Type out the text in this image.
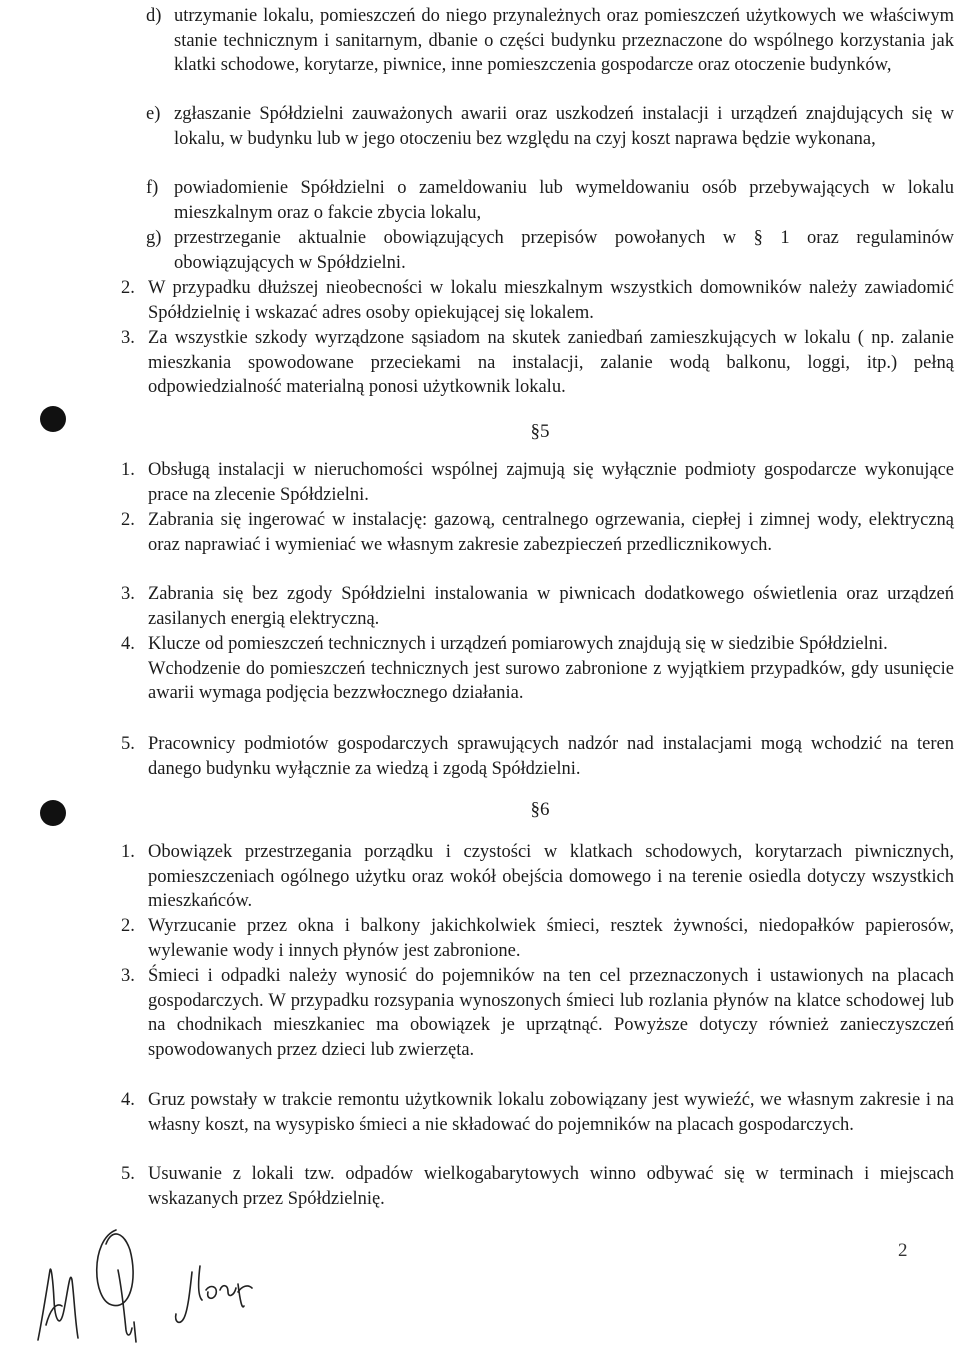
d) utrzymanie lokalu, pomieszczeń do niego przynależnych oraz pomieszczeń użytkowych we właściwym stanie technicznym i sanitarnym, dbanie o części budynku przeznaczone do wspólnego korzystania jak klatki schodowe, korytarze, piwnice, inne pomieszczenia gospodarcze oraz otoczenie budynków,
e) zgłaszanie Spółdzielni zauważonych awarii oraz uszkodzeń instalacji i urządzeń znajdujących się w lokalu, w budynku lub w jego otoczeniu bez względu na czyj koszt naprawa będzie wykonana,
f) powiadomienie Spółdzielni o zameldowaniu lub wymeldowaniu osób przebywających w lokalu mieszkalnym oraz o fakcie zbycia lokalu,
g) przestrzeganie aktualnie obowiązujących przepisów powołanych w § 1 oraz regulaminów obowiązujących w Spółdzielni.
2. W przypadku dłuższej nieobecności w lokalu mieszkalnym wszystkich domowników należy zawiadomić Spółdzielnię i wskazać adres osoby opiekującej się lokalem.
3. Za wszystkie szkody wyrządzone sąsiadom na skutek zaniedbań zamieszkujących w lokalu ( np. zalanie mieszkania spowodowane przeciekami na instalacji, zalanie wodą balkonu, loggi, itp.) pełną odpowiedzialność materialną ponosi użytkownik lokalu.
§5
1. Obsługą instalacji w nieruchomości wspólnej zajmują się wyłącznie podmioty gospodarcze wykonujące prace na zlecenie Spółdzielni.
2. Zabrania się ingerować w instalację: gazową, centralnego ogrzewania, ciepłej i zimnej wody, elektryczną oraz naprawiać i wymieniać we własnym zakresie zabezpieczeń przedlicznikowych.
3. Zabrania się bez zgody Spółdzielni instalowania w piwnicach dodatkowego oświetlenia oraz urządzeń zasilanych energią elektryczną.
4. Klucze od pomieszczeń technicznych i urządzeń pomiarowych znajdują się w siedzibie Spółdzielni.
Wchodzenie do pomieszczeń technicznych jest surowo zabronione z wyjątkiem przypadków, gdy usunięcie awarii wymaga podjęcia bezzwłocznego działania.
5. Pracownicy podmiotów gospodarczych sprawujących nadzór nad instalacjami mogą wchodzić na teren danego budynku wyłącznie za wiedzą i zgodą Spółdzielni.
§6
1. Obowiązek przestrzegania porządku i czystości w klatkach schodowych, korytarzach piwnicznych, pomieszczeniach ogólnego użytku oraz wokół obejścia domowego i na terenie osiedla dotyczy wszystkich mieszkańców.
2. Wyrzucanie przez okna i balkony jakichkolwiek śmieci, resztek żywności, niedopałków papierosów, wylewanie wody i innych płynów jest zabronione.
3. Śmieci i odpadki należy wynosić do pojemników na ten cel przeznaczonych i ustawionych na placach gospodarczych. W przypadku rozsypania wynoszonych śmieci lub rozlania płynów na klatce schodowej lub na chodnikach mieszkaniec ma obowiązek je uprzątnąć. Powyższe dotyczy również zanieczyszczeń spowodowanych przez dzieci lub zwierzęta.
4. Gruz powstały w trakcie remontu użytkownik lokalu zobowiązany jest wywieźć, we własnym zakresie i na własny koszt, na wysypisko śmieci a nie składować do pojemników na placach gospodarczych.
5. Usuwanie z lokali tzw. odpadów wielkogabarytowych winno odbywać się w terminach i miejscach wskazanych przez Spółdzielnię.
2
